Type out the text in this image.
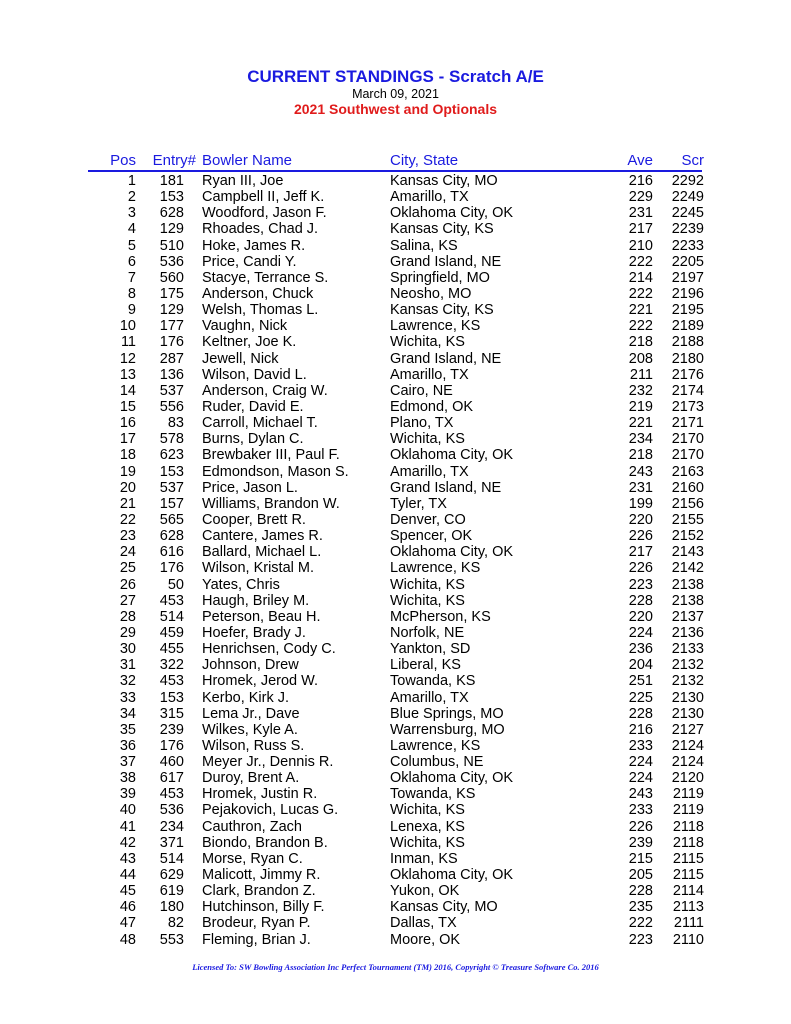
CURRENT STANDINGS - Scratch A/E
March 09, 2021
2021 Southwest and Optionals
Pos	Entry# Bowler Name	City, State	Ave	Scr
1	181 Ryan III, Joe	Kansas City, MO	216	2292
2	153 Campbell II, Jeff K.	Amarillo, TX	229	2249
3	628 Woodford, Jason F.	Oklahoma City, OK	231	2245
4	129 Rhoades, Chad J.	Kansas City, KS	217	2239
5	510 Hoke, James R.	Salina, KS	210	2233
6	536 Price, Candi Y.	Grand Island, NE	222	2205
7	560 Stacye, Terrance S.	Springfield, MO	214	2197
8	175 Anderson, Chuck	Neosho, MO	222	2196
9	129 Welsh, Thomas L.	Kansas City, KS	221	2195
10	177 Vaughn, Nick	Lawrence, KS	222	2189
11	176 Keltner, Joe K.	Wichita, KS	218	2188
12	287 Jewell, Nick	Grand Island, NE	208	2180
13	136 Wilson, David L.	Amarillo, TX	211	2176
14	537 Anderson, Craig W.	Cairo, NE	232	2174
15	556 Ruder, David E.	Edmond, OK	219	2173
16	83 Carroll, Michael T.	Plano, TX	221	2171
17	578 Burns, Dylan C.	Wichita, KS	234	2170
18	623 Brewbaker III, Paul F.	Oklahoma City, OK	218	2170
19	153 Edmondson, Mason S.	Amarillo, TX	243	2163
20	537 Price, Jason L.	Grand Island, NE	231	2160
21	157 Williams, Brandon W.	Tyler, TX	199	2156
22	565 Cooper, Brett R.	Denver, CO	220	2155
23	628 Cantere, James R.	Spencer, OK	226	2152
24	616 Ballard, Michael L.	Oklahoma City, OK	217	2143
25	176 Wilson, Kristal M.	Lawrence, KS	226	2142
26	50 Yates, Chris	Wichita, KS	223	2138
27	453 Haugh, Briley M.	Wichita, KS	228	2138
28	514 Peterson, Beau H.	McPherson, KS	220	2137
29	459 Hoefer, Brady J.	Norfolk, NE	224	2136
30	455 Henrichsen, Cody C.	Yankton, SD	236	2133
31	322 Johnson, Drew	Liberal, KS	204	2132
32	453 Hromek, Jerod W.	Towanda, KS	251	2132
33	153 Kerbo, Kirk J.	Amarillo, TX	225	2130
34	315 Lema Jr., Dave	Blue Springs, MO	228	2130
35	239 Wilkes, Kyle A.	Warrensburg, MO	216	2127
36	176 Wilson, Russ S.	Lawrence, KS	233	2124
37	460 Meyer Jr., Dennis R.	Columbus, NE	224	2124
38	617 Duroy, Brent A.	Oklahoma City, OK	224	2120
39	453 Hromek, Justin R.	Towanda, KS	243	2119
40	536 Pejakovich, Lucas G.	Wichita, KS	233	2119
41	234 Cauthron, Zach	Lenexa, KS	226	2118
42	371 Biondo, Brandon B.	Wichita, KS	239	2118
43	514 Morse, Ryan C.	Inman, KS	215	2115
44	629 Malicott, Jimmy R.	Oklahoma City, OK	205	2115
45	619 Clark, Brandon Z.	Yukon, OK	228	2114
46	180 Hutchinson, Billy F.	Kansas City, MO	235	2113
47	82 Brodeur, Ryan P.	Dallas, TX	222	2111
48	553 Fleming, Brian J.	Moore, OK	223	2110
Licensed To: SW Bowling Association Inc Perfect Tournament (TM) 2016, Copyright © Treasure Software Co. 2016
